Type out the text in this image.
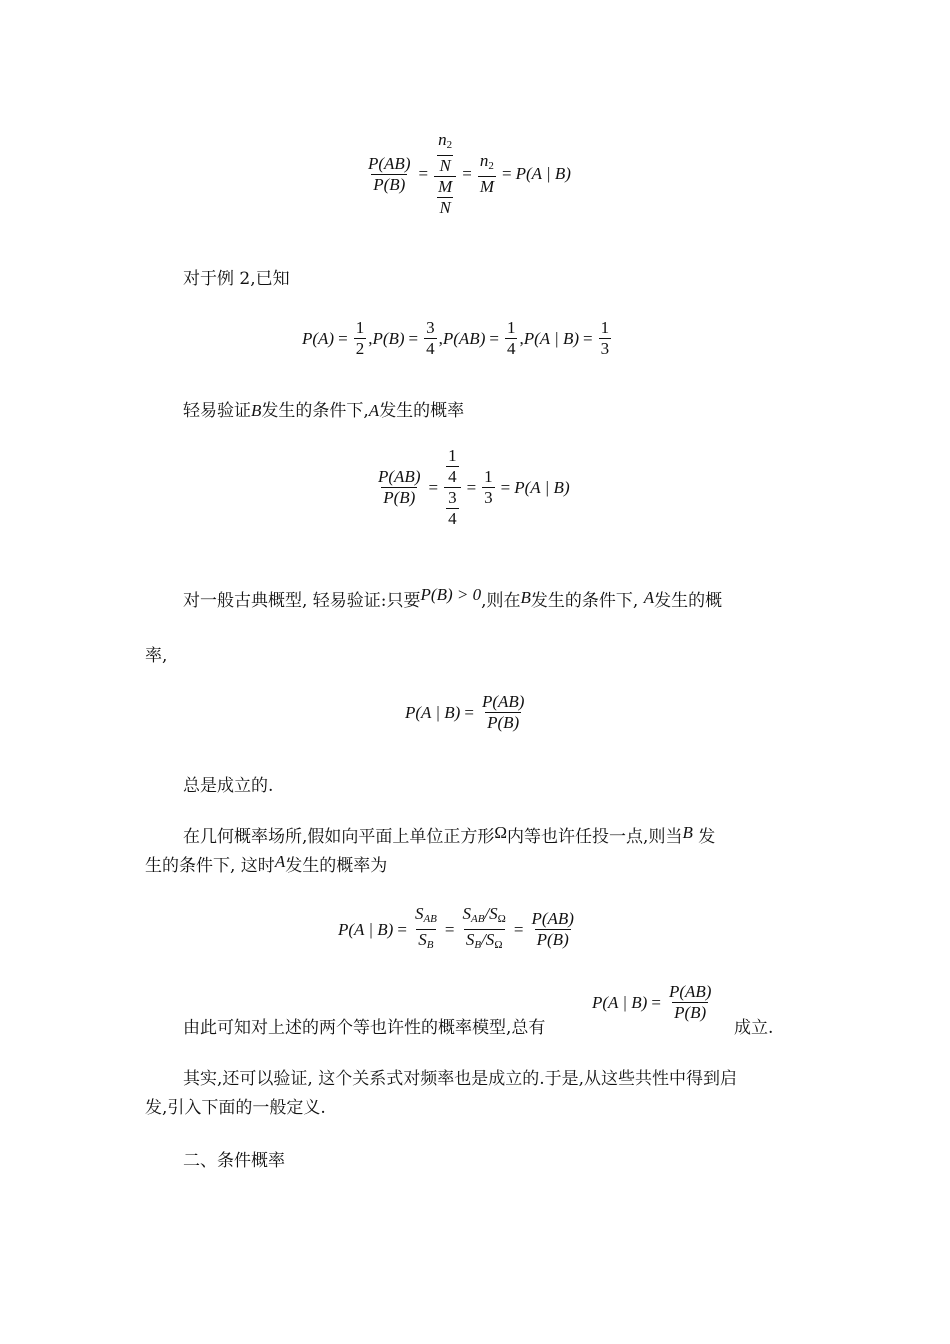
$\frac{P(AB)}{P(B)} = \frac{\frac{n_2}{N}}{\frac{M}{N}} = \frac{n_2}{M} = P(A$ | B)
对于例 2,已知
$P(A) = \frac{1}{2}$ , $P(B) = \frac{3}{4}$ , $P(AB) = \frac{1}{4}$ , P(A | $B) = \frac{1}{3}$
轻易验证B发生的条件下,A发生的概率
$\frac{P(AB)}{P(B)} = \frac{\frac{1}{4}}{\frac{3}{4}} = \frac{1}{3} = P(A$ | B)
对一般古典概型, 轻易验证:只要P(B) > 0,则在B发生的条件下, A发生的概
率,
P(A | $B) = \frac{P(AB)}{P(B)}$
总是成立的.
在几何概率场所,假如向平面上单位正方形Ω内等也许任投一点,则当B 发
生的条件下, 这时A发生的概率为
P(A | $B) = \frac{S_{AB}}{S_B} = \frac{S_{AB}/S_\Omega}{S_B/S_\Omega} = \frac{P(AB)}{P(B)}$
由此可知对上述的两个等也许性的概率模型,总有
P(A | $B) = \frac{P(AB)}{P(B)}$
成立.
其实,还可以验证, 这个关系式对频率也是成立的.于是,从这些共性中得到启
发,引入下面的一般定义.
二、条件概率
